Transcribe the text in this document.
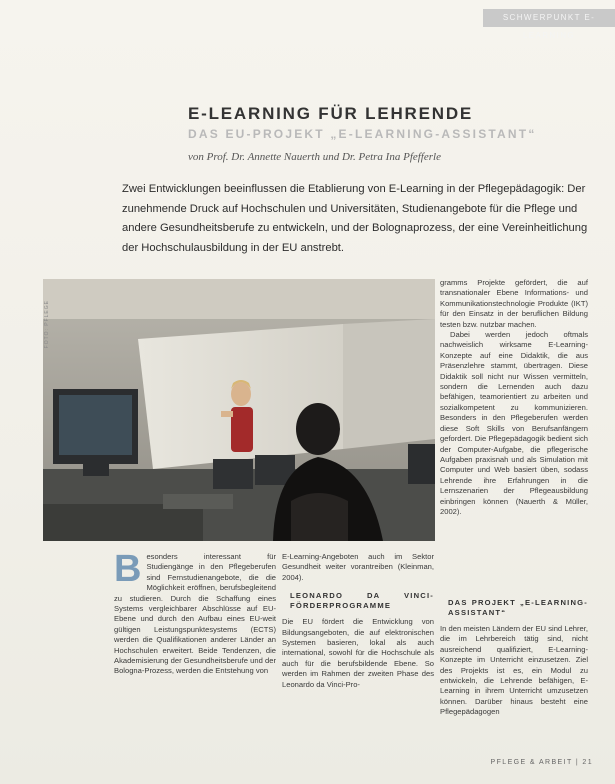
SCHWERPUNKT E-LEARNING
E-LEARNING FÜR LEHRENDE
DAS EU-PROJEKT „E-LEARNING-ASSISTANT“
von Prof. Dr. Annette Nauerth und Dr. Petra Ina Pfefferle
Zwei Entwicklungen beeinflussen die Etablierung von E-Learning in der Pflegepädagogik: Der zunehmende Druck auf Hochschulen und Universitäten, Studienangebote für die Pflege und andere Gesundheitsberufe zu entwickeln, und der Bolognaprozess, der eine Vereinheitlichung der Hochschulausbildung in der EU anstrebt.
FOTO: PFLEGE
B esonders interessant für Studiengänge in den Pflegeberufen sind Fernstudienangebote, die die Möglichkeit eröffnen, berufsbegleitend zu studieren. Durch die Schaffung eines Systems vergleichbarer Abschlüsse auf EU-Ebene und durch den Aufbau eines EU-weit gültigen Leistungspunktesystems (ECTS) werden die Qualifikationen anderer Länder an Hochschulen erweitert. Beide Tendenzen, die Akademisierung der Gesundheitsberufe und der Bologna-Prozess, werden die Entstehung von

E-Learning-Angeboten auch im Sektor Gesundheit weiter vorantreiben (Kleinman, 2004).

LEONARDO DA VINCI-FÖRDERPROGRAMME

Die EU fördert die Entwicklung von Bildungsangeboten, die auf elektronischen Systemen basieren, lokal als auch international, sowohl für die Hochschule als auch für die berufsbildende Ebene. So werden im Rahmen der zweiten Phase des Leonardo da Vinci-Pro-

gramms Projekte gefördert, die auf transnationaler Ebene Informations- und Kommunikationstechnologie Produkte (IKT) für den Einsatz in der beruflichen Bildung testen bzw. nutzbar machen.

Dabei werden jedoch oftmals nachweislich wirksame E-Learning-Konzepte auf eine Didaktik, die aus Präsenzlehre stammt, übertragen. Diese Didaktik soll nicht nur Wissen vermitteln, sondern die Lernenden auch dazu befähigen, teamorientiert zu arbeiten und sozialkompetent zu kommunizieren. Besonders in den Pflegeberufen werden diese Soft Skills von Berufsanfängern gefordert. Die Pflegepädagogik bedient sich der Computer-Aufgabe, die pflegerische Aufgaben praxisnah und als Simulation mit Computer und Web basiert üben, sodass Lehrende ihre Erfahrungen in die Lernszenarien der Pflegeausbildung einbringen können (Nauerth & Müller, 2002).

DAS PROJEKT „E-LEARNING-ASSISTANT“

In den meisten Ländern der EU sind Lehrer, die im Lehrbereich tätig sind, nicht ausreichend qualifiziert, E-Learning-Konzepte im Unterricht einzusetzen. Ziel des Projekts ist es, ein Modul zu entwickeln, die Lehrende befähigen, E-Learning in ihrem Unterricht umzusetzen können. Darüber hinaus besteht eine Pflegepädagogen

PFLEGE & ARBEIT | 21
